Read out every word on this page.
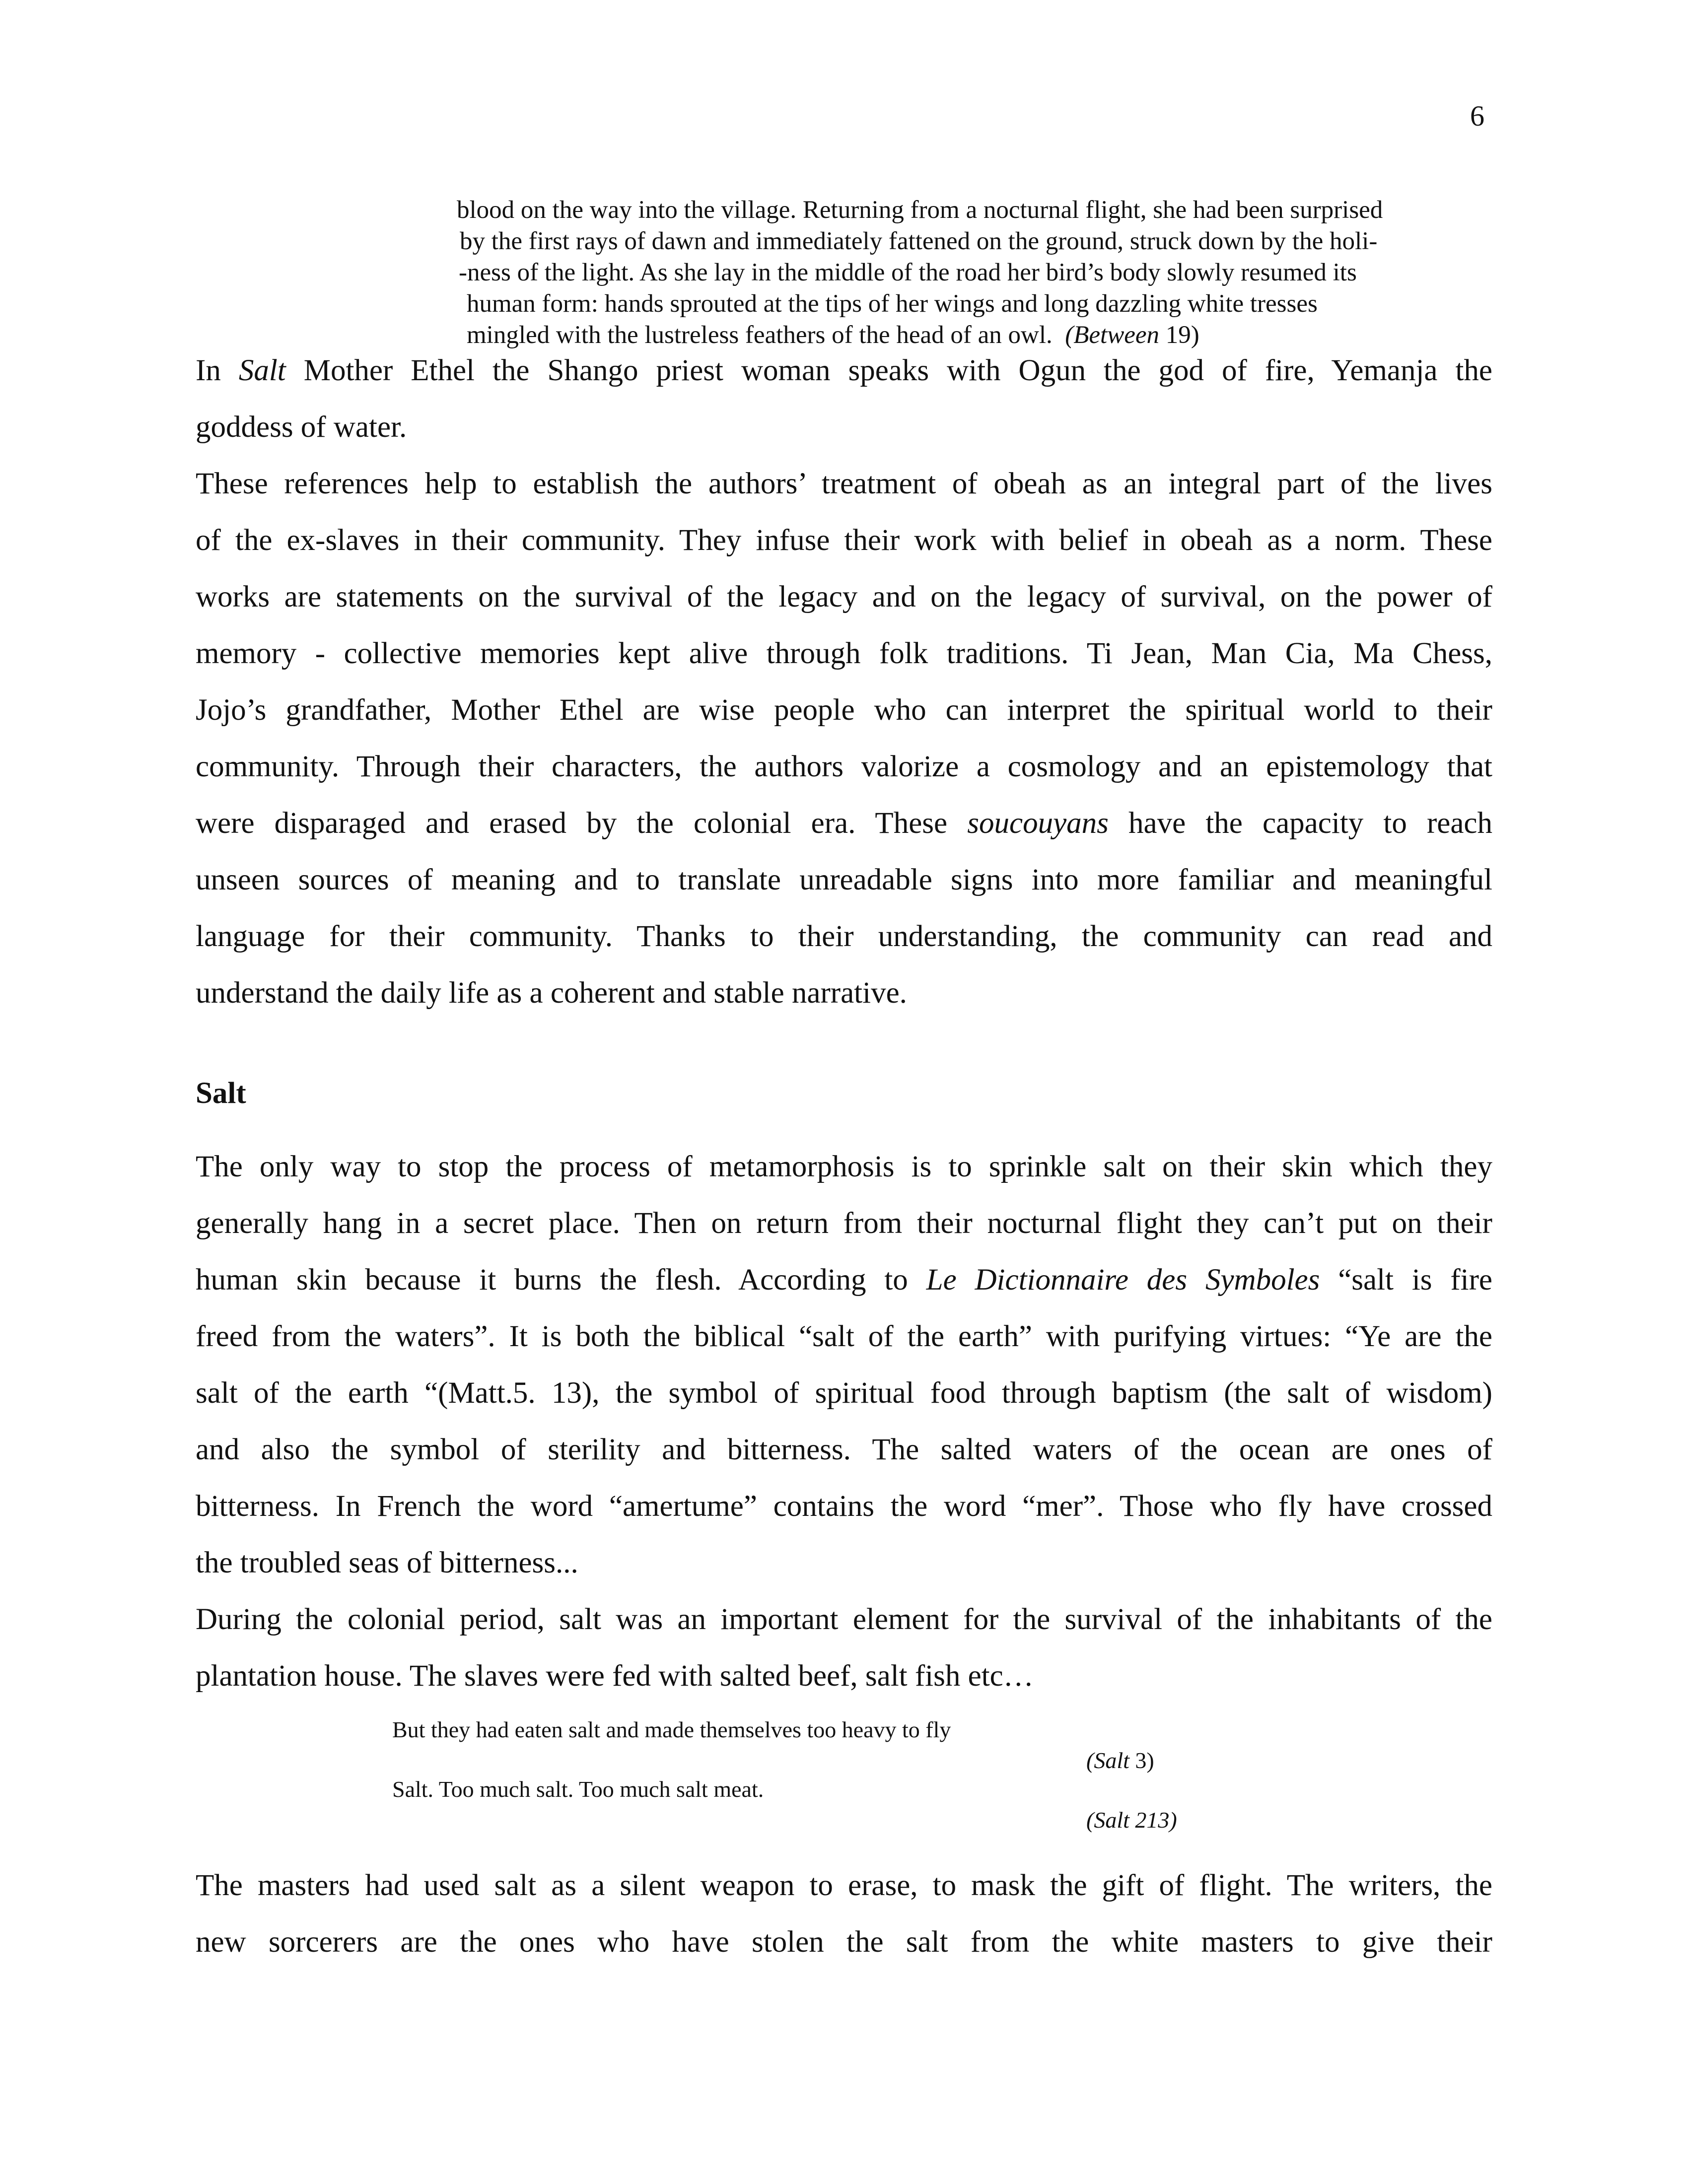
6
blood on the way into the village. Returning from a nocturnal flight, she had been surprised
by the first rays of dawn and immediately fattened on the ground, struck down by the holi-
-ness of the light. As she lay in the middle of the road her bird’s body slowly resumed its
human form: hands sprouted at the tips of her wings and long dazzling white tresses
mingled with the lustreless feathers of the head of an owl. (Between 19)
In Salt Mother Ethel the Shango priest woman speaks with Ogun the god of fire, Yemanja the
goddess of water.
These references help to establish the authors’ treatment of obeah as an integral part of the lives
of the ex-slaves in their community. They infuse their work with belief in obeah as a norm. These
works are statements on the survival of the legacy and on the legacy of survival, on the power of
memory - collective memories kept alive through folk traditions. Ti Jean, Man Cia, Ma Chess,
Jojo’s grandfather, Mother Ethel are wise people who can interpret the spiritual world to their
community. Through their characters, the authors valorize a cosmology and an epistemology that
were disparaged and erased by the colonial era. These soucouyans have the capacity to reach
unseen sources of meaning and to translate unreadable signs into more familiar and meaningful
language for their community. Thanks to their understanding, the community can read and
understand the daily life as a coherent and stable narrative.
Salt
The only way to stop the process of metamorphosis is to sprinkle salt on their skin which they
generally hang in a secret place. Then on return from their nocturnal flight they can’t put on their
human skin because it burns the flesh. According to Le Dictionnaire des Symboles “salt is fire
freed from the waters”. It is both the biblical “salt of the earth” with purifying virtues: “Ye are the
salt of the earth “(Matt.5. 13), the symbol of spiritual food through baptism (the salt of wisdom)
and also the symbol of sterility and bitterness. The salted waters of the ocean are ones of
bitterness. In French the word “amertume” contains the word “mer”. Those who fly have crossed
the troubled seas of bitterness...
During the colonial period, salt was an important element for the survival of the inhabitants of the
plantation house. The slaves were fed with salted beef, salt fish etc…
But they had eaten salt and made themselves too heavy to fly
(Salt 3)
Salt. Too much salt. Too much salt meat.
(Salt 213)
The masters had used salt as a silent weapon to erase, to mask the gift of flight. The writers, the
new sorcerers are the ones who have stolen the salt from the white masters to give their
